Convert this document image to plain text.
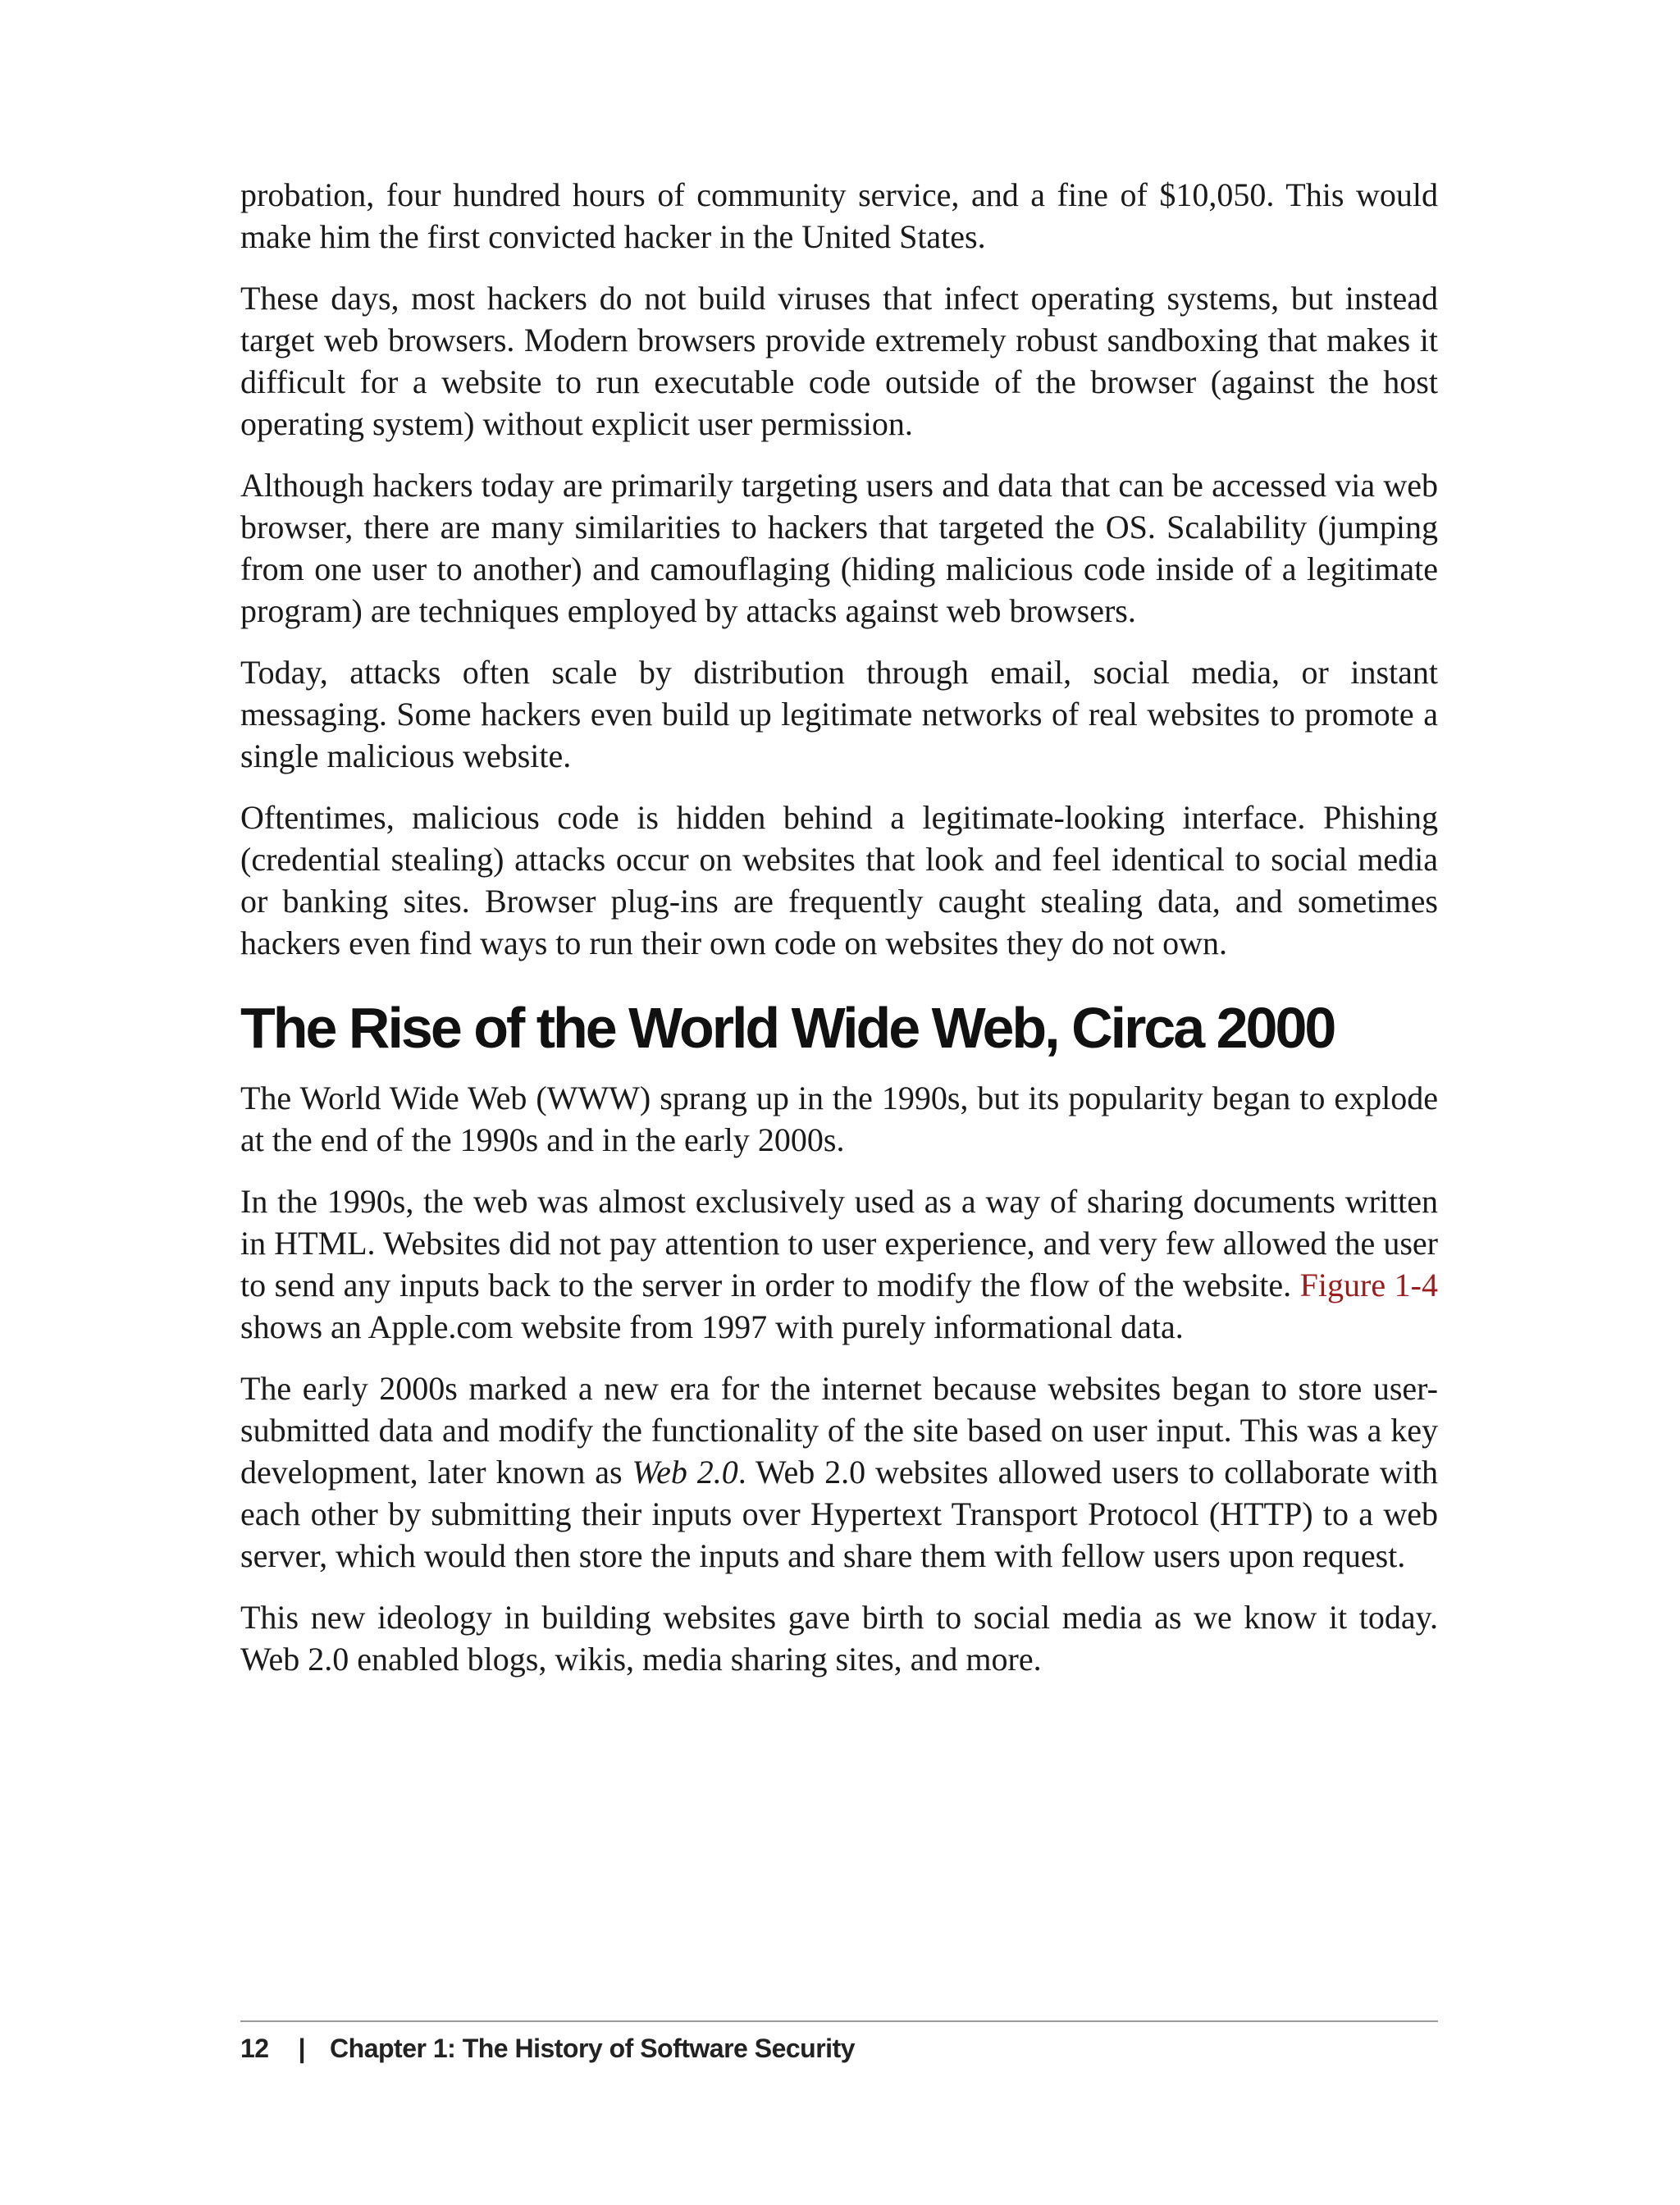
probation, four hundred hours of community service, and a fine of $10,050. This would make him the first convicted hacker in the United States.

These days, most hackers do not build viruses that infect operating systems, but instead target web browsers. Modern browsers provide extremely robust sandboxing that makes it difficult for a website to run executable code outside of the browser (against the host operating system) without explicit user permission.

Although hackers today are primarily targeting users and data that can be accessed via web browser, there are many similarities to hackers that targeted the OS. Scalability (jumping from one user to another) and camouflaging (hiding malicious code inside of a legitimate program) are techniques employed by attacks against web browsers.

Today, attacks often scale by distribution through email, social media, or instant messaging. Some hackers even build up legitimate networks of real websites to promote a single malicious website.

Oftentimes, malicious code is hidden behind a legitimate-looking interface. Phishing (credential stealing) attacks occur on websites that look and feel identical to social media or banking sites. Browser plug-ins are frequently caught stealing data, and sometimes hackers even find ways to run their own code on websites they do not own.

The Rise of the World Wide Web, Circa 2000

The World Wide Web (WWW) sprang up in the 1990s, but its popularity began to explode at the end of the 1990s and in the early 2000s.

In the 1990s, the web was almost exclusively used as a way of sharing documents written in HTML. Websites did not pay attention to user experience, and very few allowed the user to send any inputs back to the server in order to modify the flow of the website. Figure 1-4 shows an Apple.com website from 1997 with purely informational data.

The early 2000s marked a new era for the internet because websites began to store user-submitted data and modify the functionality of the site based on user input. This was a key development, later known as Web 2.0. Web 2.0 websites allowed users to collaborate with each other by submitting their inputs over Hypertext Transport Protocol (HTTP) to a web server, which would then store the inputs and share them with fellow users upon request.

This new ideology in building websites gave birth to social media as we know it today. Web 2.0 enabled blogs, wikis, media sharing sites, and more.

12 | Chapter 1: The History of Software Security
